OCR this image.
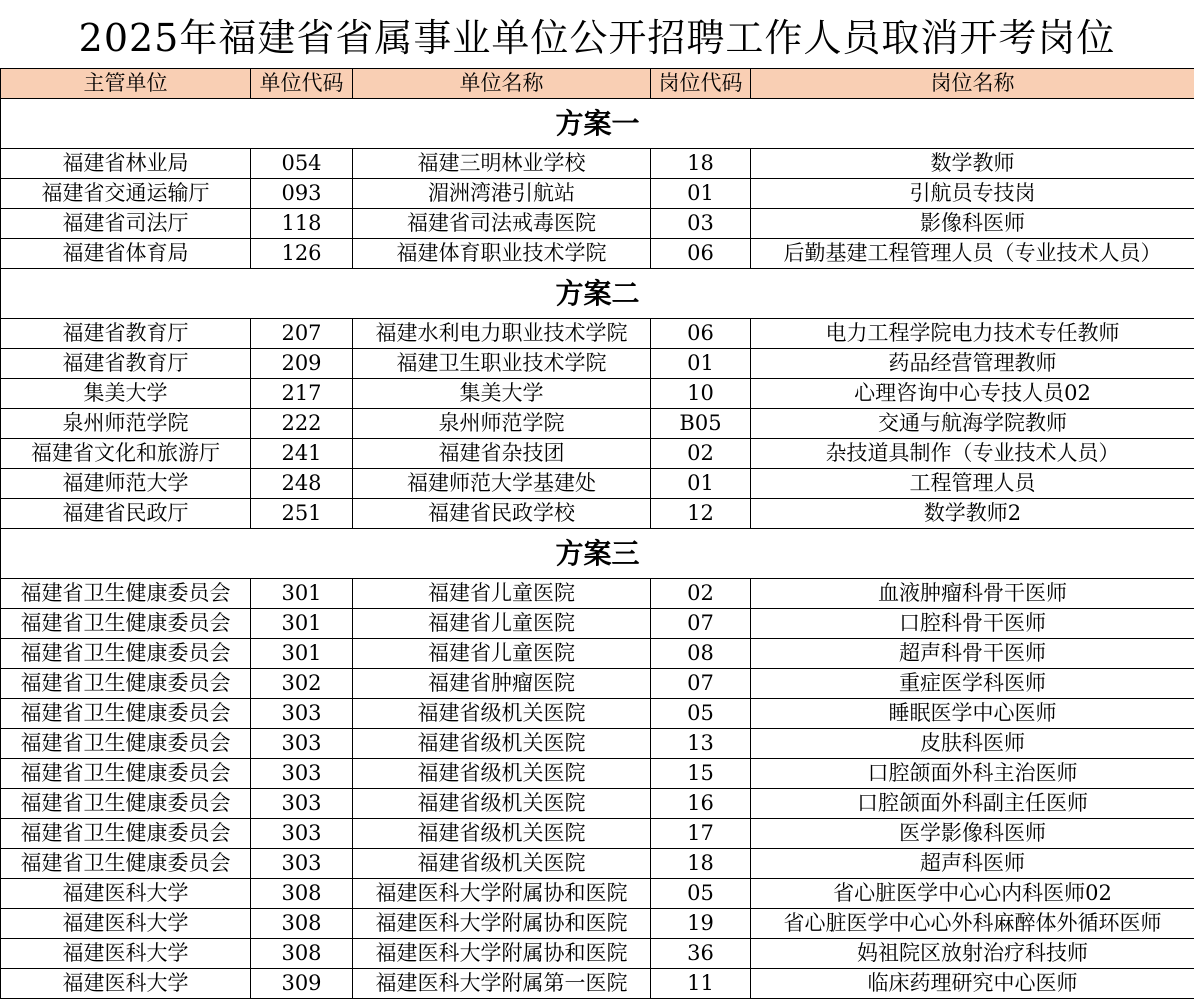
2025年福建省省属事业单位公开招聘工作人员取消开考岗位
主管单位	单位代码	单位名称	岗位代码	岗位名称
方案一				
福建省林业局	054	福建三明林业学校	18	数学教师
福建省交通运输厅	093	湄洲湾港引航站	01	引航员专技岗
福建省司法厅	118	福建省司法戒毒医院	03	影像科医师
福建省体育局	126	福建体育职业技术学院	06	后勤基建工程管理人员（专业技术人员）
方案二				
福建省教育厅	207	福建水利电力职业技术学院	06	电力工程学院电力技术专任教师
福建省教育厅	209	福建卫生职业技术学院	01	药品经营管理教师
集美大学	217	集美大学	10	心理咨询中心专技人员02
泉州师范学院	222	泉州师范学院	B05	交通与航海学院教师
福建省文化和旅游厅	241	福建省杂技团	02	杂技道具制作（专业技术人员）
福建师范大学	248	福建师范大学基建处	01	工程管理人员
福建省民政厅	251	福建省民政学校	12	数学教师2
方案三				
福建省卫生健康委员会	301	福建省儿童医院	02	血液肿瘤科骨干医师
福建省卫生健康委员会	301	福建省儿童医院	07	口腔科骨干医师
福建省卫生健康委员会	301	福建省儿童医院	08	超声科骨干医师
福建省卫生健康委员会	302	福建省肿瘤医院	07	重症医学科医师
福建省卫生健康委员会	303	福建省级机关医院	05	睡眠医学中心医师
福建省卫生健康委员会	303	福建省级机关医院	13	皮肤科医师
福建省卫生健康委员会	303	福建省级机关医院	15	口腔颌面外科主治医师
福建省卫生健康委员会	303	福建省级机关医院	16	口腔颌面外科副主任医师
福建省卫生健康委员会	303	福建省级机关医院	17	医学影像科医师
福建省卫生健康委员会	303	福建省级机关医院	18	超声科医师
福建医科大学	308	福建医科大学附属协和医院	05	省心脏医学中心心内科医师02
福建医科大学	308	福建医科大学附属协和医院	19	省心脏医学中心心外科麻醉体外循环医师
福建医科大学	308	福建医科大学附属协和医院	36	妈祖院区放射治疗科技师
福建医科大学	309	福建医科大学附属第一医院	11	临床药理研究中心医师
